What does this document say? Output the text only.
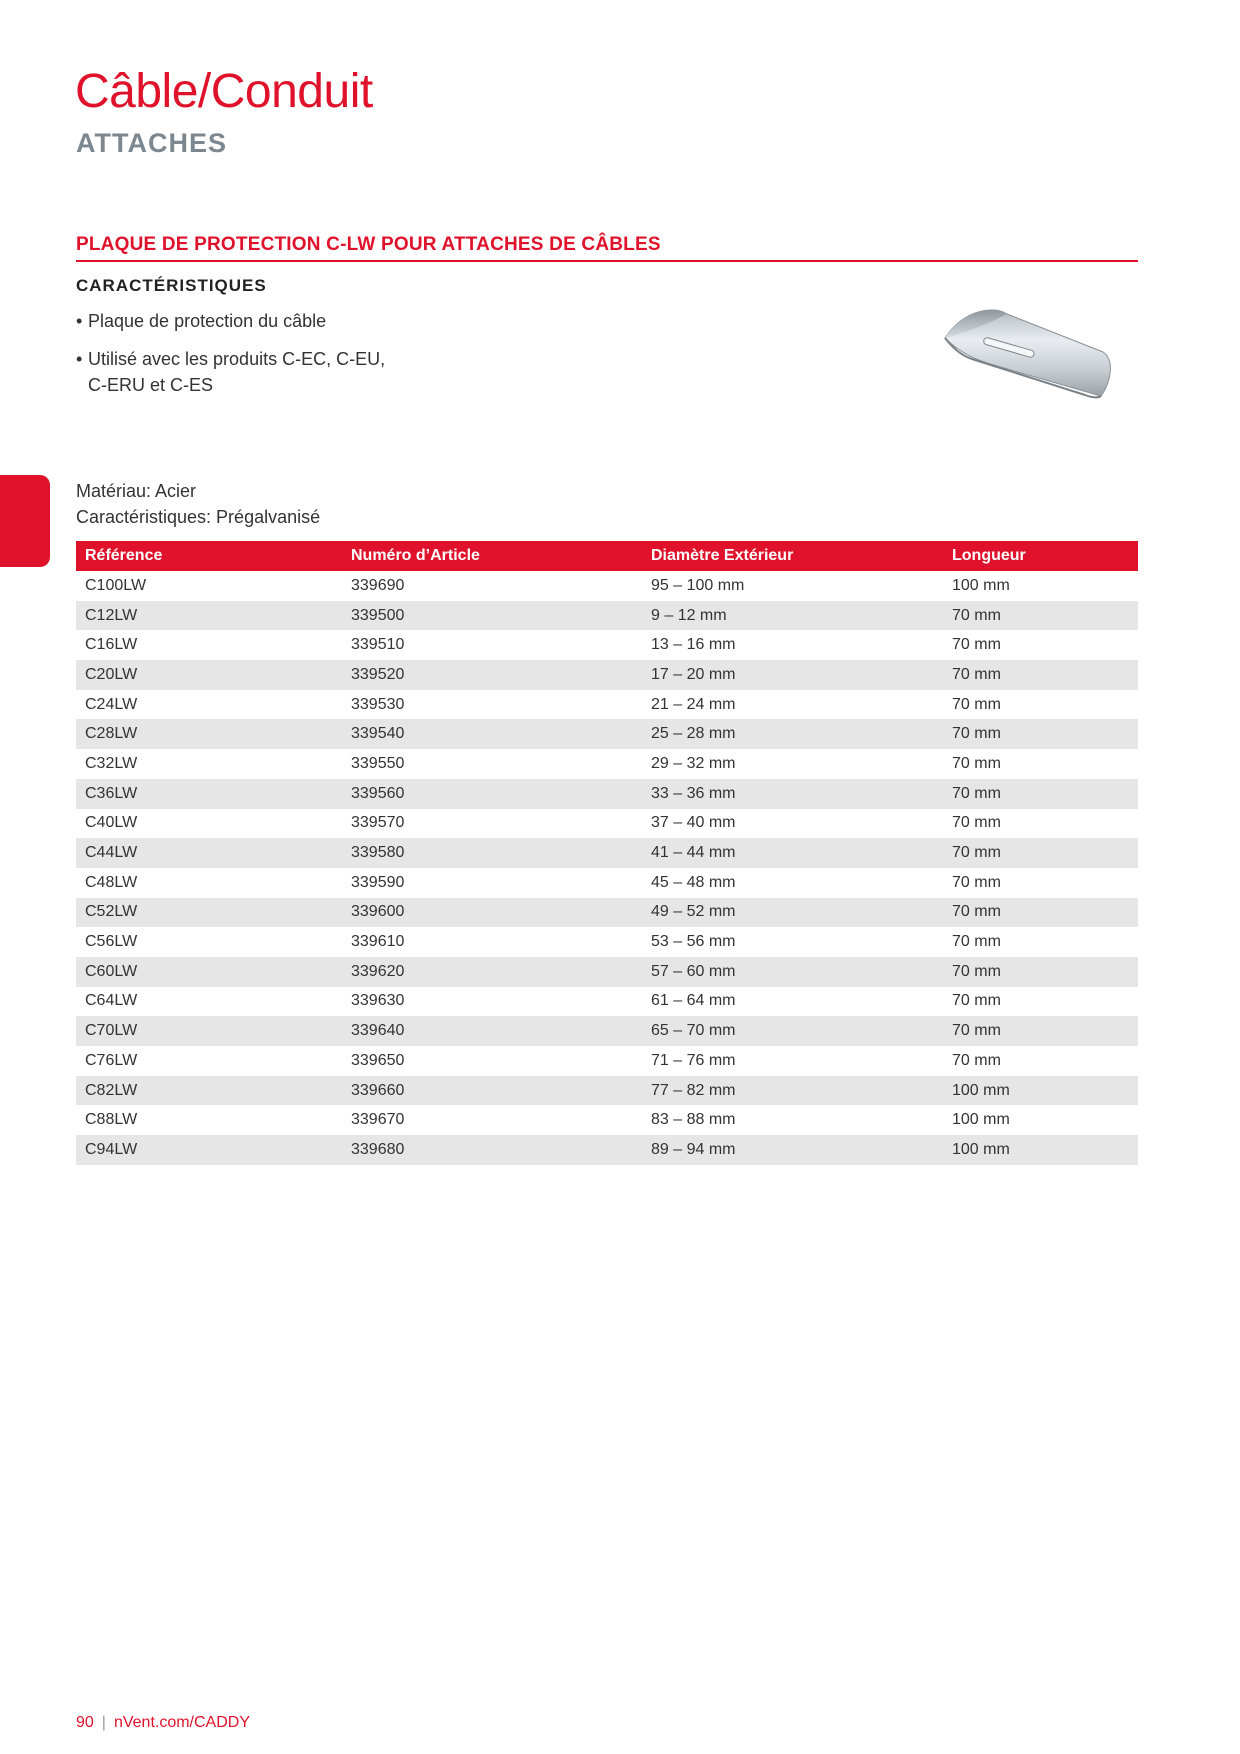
Câble/Conduit
ATTACHES
PLAQUE DE PROTECTION C-LW POUR ATTACHES DE CÂBLES
CARACTÉRISTIQUES
• Plaque de protection du câble
• Utilisé avec les produits C-EC, C-EU, C-ERU et C-ES
Matériau: Acier
Caractéristiques: Prégalvanisé
Référence	Numéro d’Article	Diamètre Extérieur	Longueur
C100LW	339690	95 – 100 mm	100 mm
C12LW	339500	9 – 12 mm	70 mm
C16LW	339510	13 – 16 mm	70 mm
C20LW	339520	17 – 20 mm	70 mm
C24LW	339530	21 – 24 mm	70 mm
C28LW	339540	25 – 28 mm	70 mm
C32LW	339550	29 – 32 mm	70 mm
C36LW	339560	33 – 36 mm	70 mm
C40LW	339570	37 – 40 mm	70 mm
C44LW	339580	41 – 44 mm	70 mm
C48LW	339590	45 – 48 mm	70 mm
C52LW	339600	49 – 52 mm	70 mm
C56LW	339610	53 – 56 mm	70 mm
C60LW	339620	57 – 60 mm	70 mm
C64LW	339630	61 – 64 mm	70 mm
C70LW	339640	65 – 70 mm	70 mm
C76LW	339650	71 – 76 mm	70 mm
C82LW	339660	77 – 82 mm	100 mm
C88LW	339670	83 – 88 mm	100 mm
C94LW	339680	89 – 94 mm	100 mm
90 | nVent.com/CADDY
